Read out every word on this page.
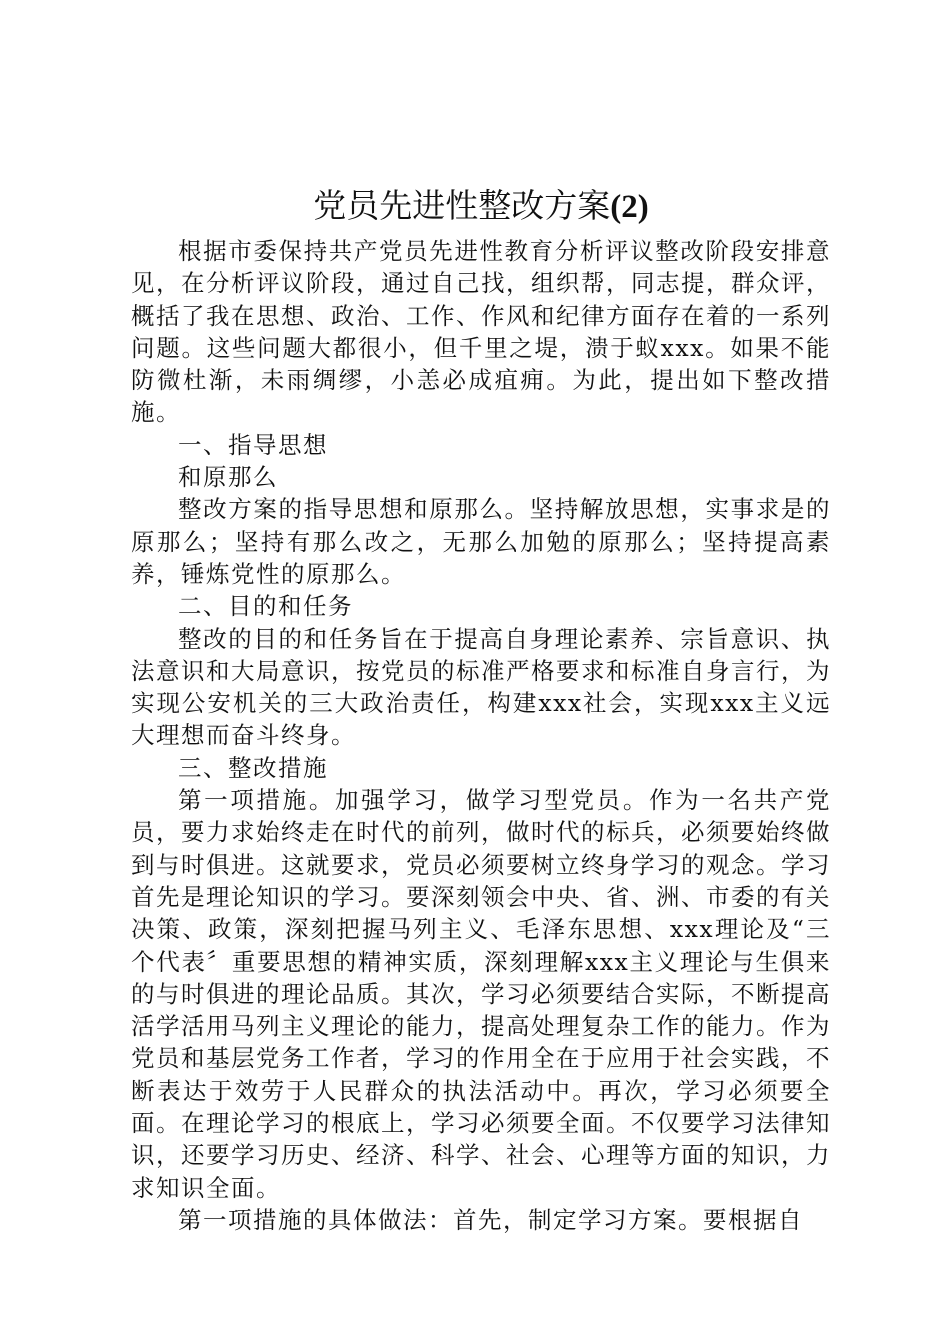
党员先进性整改方案(2)

根据市委保持共产党员先进性教育分析评议整改阶段安排意见，在分析评议阶段，通过自己找，组织帮，同志提，群众评，概括了我在思想、政治、工作、作风和纪律方面存在着的一系列问题。这些问题大都很小，但千里之堤，溃于蚁xxx。如果不能防微杜渐，未雨绸缪，小恙必成疽痈。为此，提出如下整改措施。

一、指导思想

和原那么

整改方案的指导思想和原那么。坚持解放思想，实事求是的原那么；坚持有那么改之，无那么加勉的原那么；坚持提高素养，锤炼党性的原那么。

二、目的和任务

整改的目的和任务旨在于提高自身理论素养、宗旨意识、执法意识和大局意识，按党员的标准严格要求和标准自身言行，为实现公安机关的三大政治责任，构建xxx社会，实现xxx主义远大理想而奋斗终身。

三、整改措施

第一项措施。加强学习，做学习型党员。作为一名共产党员，要力求始终走在时代的前列，做时代的标兵，必须要始终做到与时俱进。这就要求，党员必须要树立终身学习的观念。学习首先是理论知识的学习。要深刻领会中央、省、洲、市委的有关决策、政策，深刻把握马列主义、毛泽东思想、xxx理论及“三个代表〞重要思想的精神实质，深刻理解xxx主义理论与生俱来的与时俱进的理论品质。其次，学习必须要结合实际，不断提高活学活用马列主义理论的能力，提高处理复杂工作的能力。作为党员和基层党务工作者，学习的作用全在于应用于社会实践，不断表达于效劳于人民群众的执法活动中。再次，学习必须要全面。在理论学习的根底上，学习必须要全面。不仅要学习法律知识，还要学习历史、经济、科学、社会、心理等方面的知识，力求知识全面。

第一项措施的具体做法：首先，制定学习方案。要根据自
